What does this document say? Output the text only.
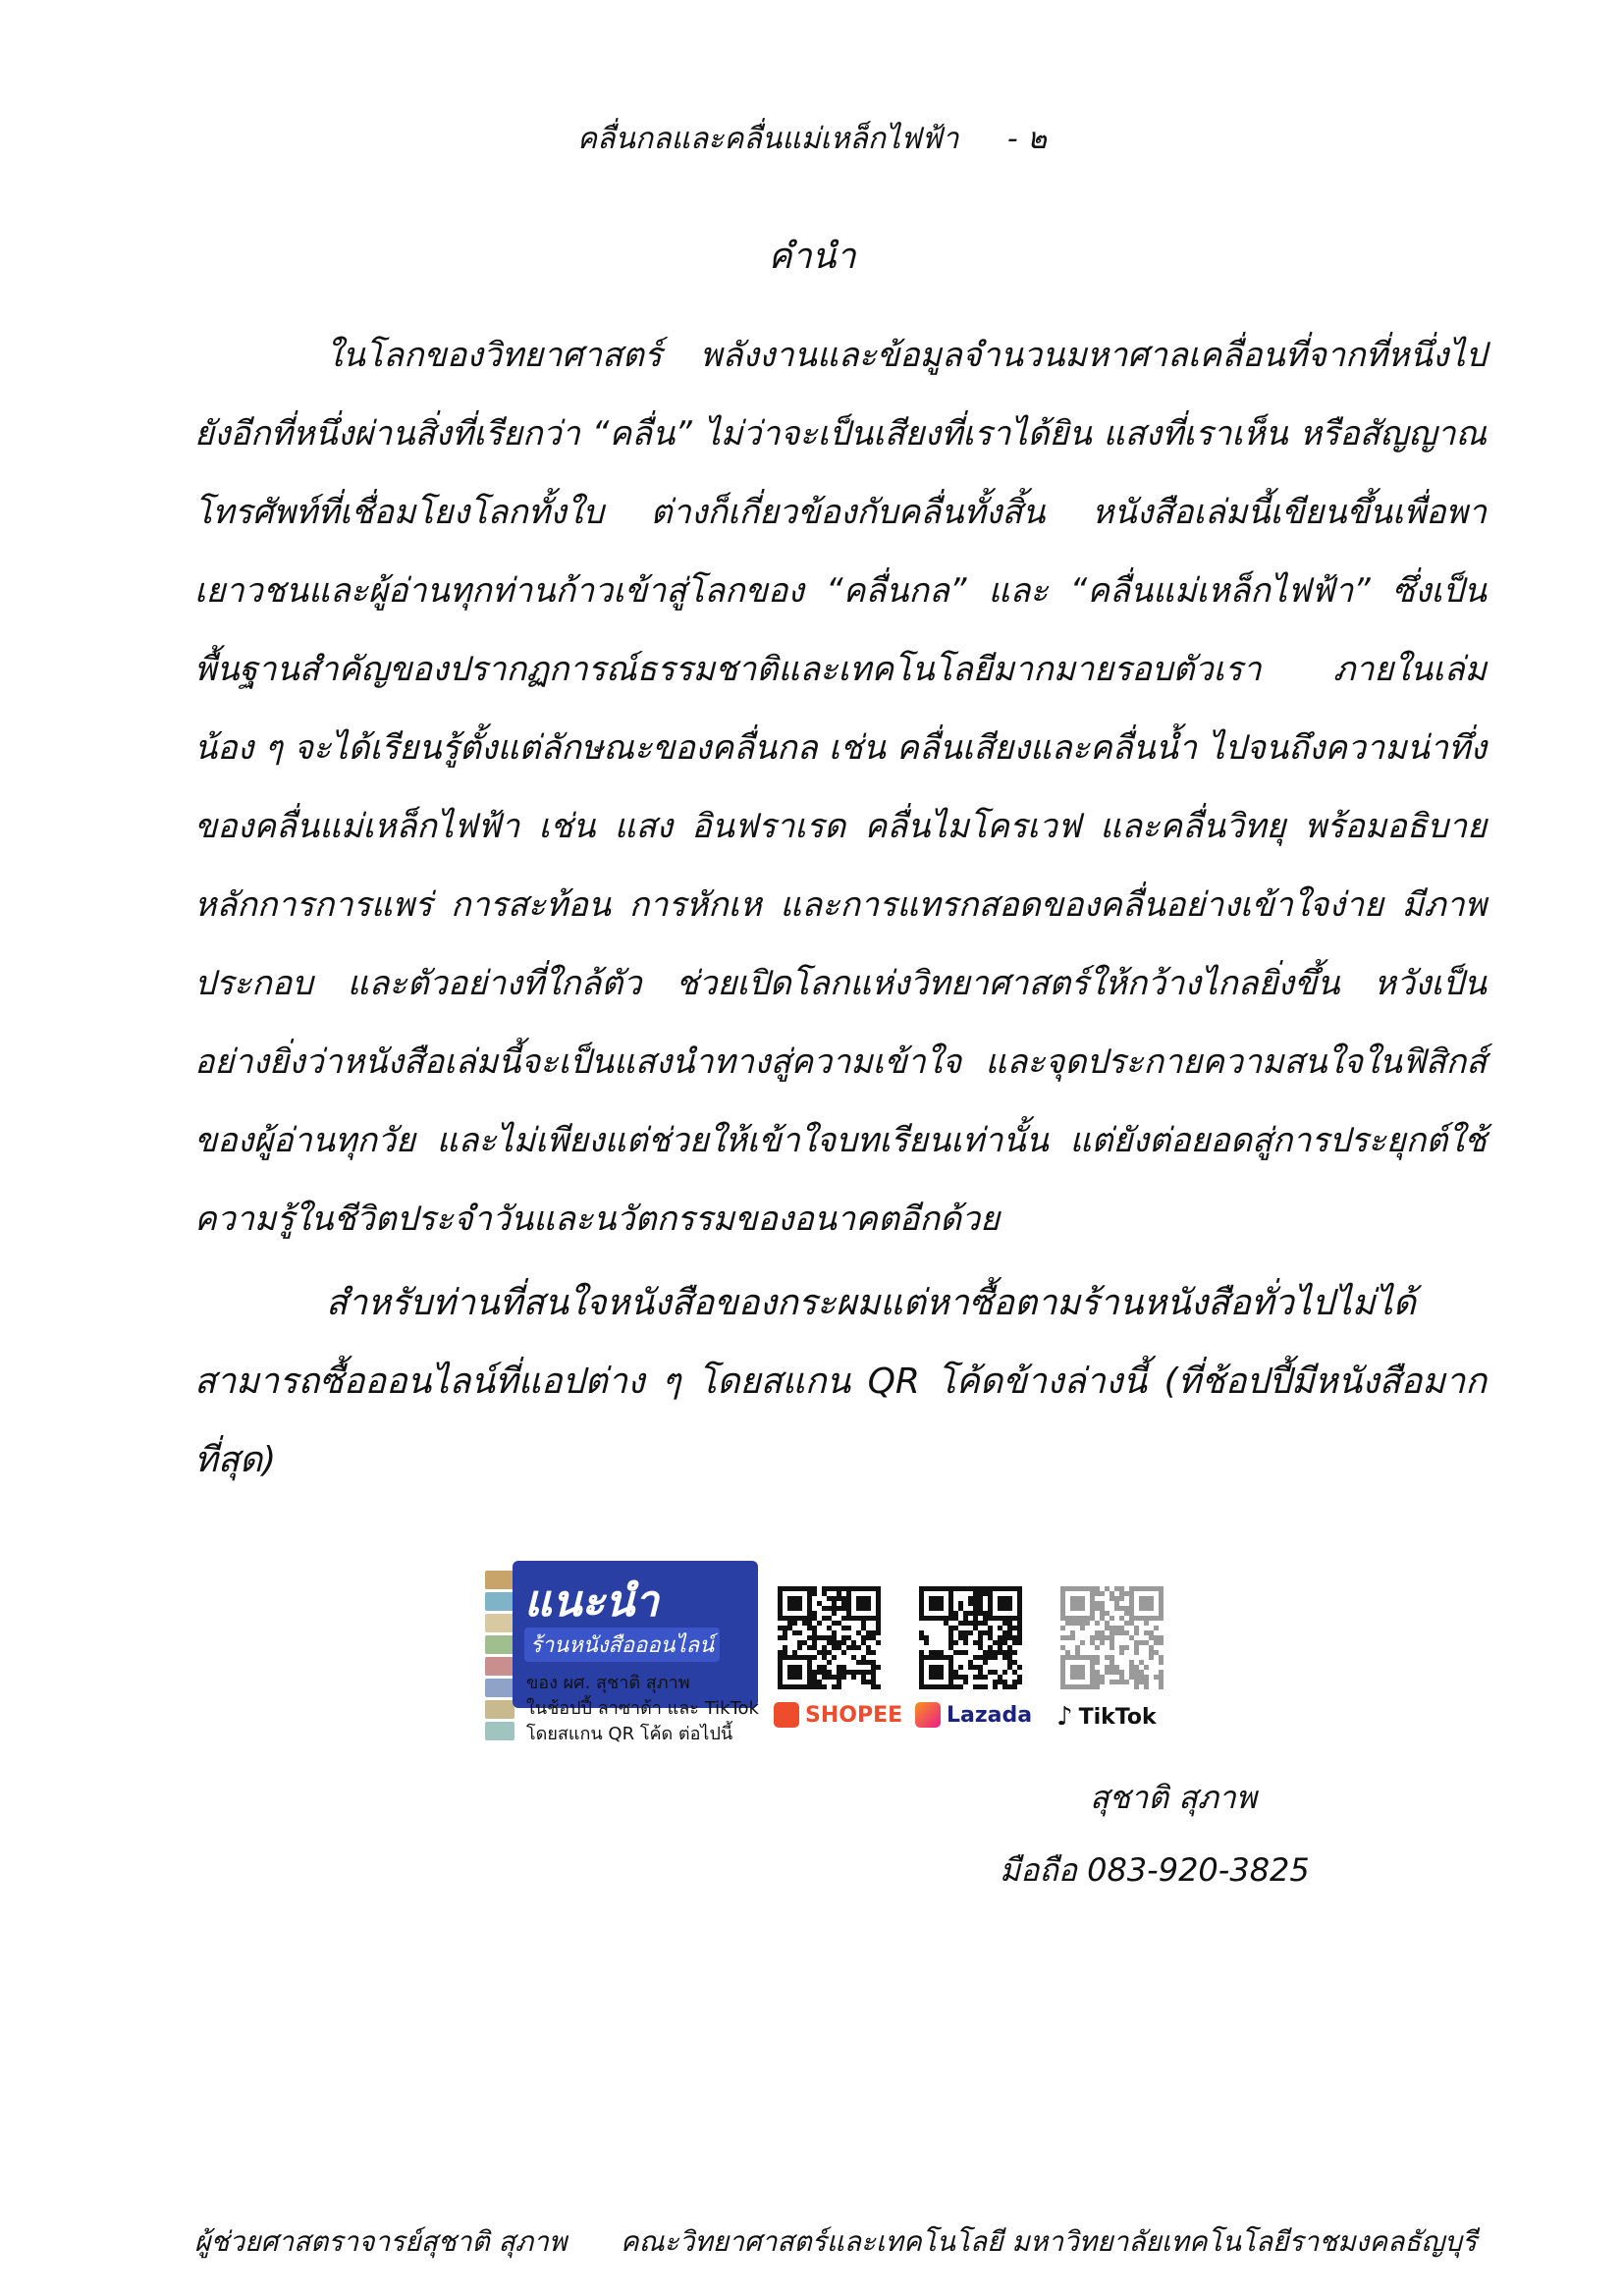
คลื่นกลและคลื่นแม่เหล็กไฟฟ้า - ๒
คำนำ

ในโลกของวิทยาศาสตร์ พลังงานและข้อมูลจำนวนมหาศาลเคลื่อนที่จากที่หนึ่งไปยังอีกที่หนึ่งผ่านสิ่งที่เรียกว่า “คลื่น” ไม่ว่าจะเป็นเสียงที่เราได้ยิน แสงที่เราเห็น หรือสัญญาณโทรศัพท์ที่เชื่อมโยงโลกทั้งใบ ต่างก็เกี่ยวข้องกับคลื่นทั้งสิ้น หนังสือเล่มนี้เขียนขึ้นเพื่อพาเยาวชนและผู้อ่านทุกท่านก้าวเข้าสู่โลกของ “คลื่นกล” และ “คลื่นแม่เหล็กไฟฟ้า” ซึ่งเป็นพื้นฐานสำคัญของปรากฏการณ์ธรรมชาติและเทคโนโลยีมากมายรอบตัวเรา ภายในเล่ม น้อง ๆ จะได้เรียนรู้ตั้งแต่ลักษณะของคลื่นกล เช่น คลื่นเสียงและคลื่นน้ำ ไปจนถึงความน่าทึ่งของคลื่นแม่เหล็กไฟฟ้า เช่น แสง อินฟราเรด คลื่นไมโครเวฟ และคลื่นวิทยุ พร้อมอธิบายหลักการการแพร่ การสะท้อน การหักเห และการแทรกสอดของคลื่นอย่างเข้าใจง่าย มีภาพประกอบ และตัวอย่างที่ใกล้ตัว ช่วยเปิดโลกแห่งวิทยาศาสตร์ให้กว้างไกลยิ่งขึ้น หวังเป็นอย่างยิ่งว่าหนังสือเล่มนี้จะเป็นแสงนำทางสู่ความเข้าใจ และจุดประกายความสนใจในฟิสิกส์ของผู้อ่านทุกวัย และไม่เพียงแต่ช่วยให้เข้าใจบทเรียนเท่านั้น แต่ยังต่อยอดสู่การประยุกต์ใช้ความรู้ในชีวิตประจำวันและนวัตกรรมของอนาคตอีกด้วย

สำหรับท่านที่สนใจหนังสือของกระผมแต่หาซื้อตามร้านหนังสือทั่วไปไม่ได้ สามารถซื้อออนไลน์ที่แอปต่าง ๆ โดยสแกน QR โค้ดข้างล่างนี้ (ที่ช้อปปี้มีหนังสือมากที่สุด)

แนะนำ
ร้านหนังสือออนไลน์
ของ ผศ. สุชาติ สุภาพ
ในช้อปปี้ ลาซาด้า และ TikTok
โดยสแกน QR โค้ด ต่อไปนี้
SHOPEE Lazada ♪ TikTok
สุชาติ สุภาพ
มือถือ 083-920-3825
ผู้ช่วยศาสตราจารย์สุชาติ สุภาพ คณะวิทยาศาสตร์และเทคโนโลยี มหาวิทยาลัยเทคโนโลยีราชมงคลธัญบุรี
